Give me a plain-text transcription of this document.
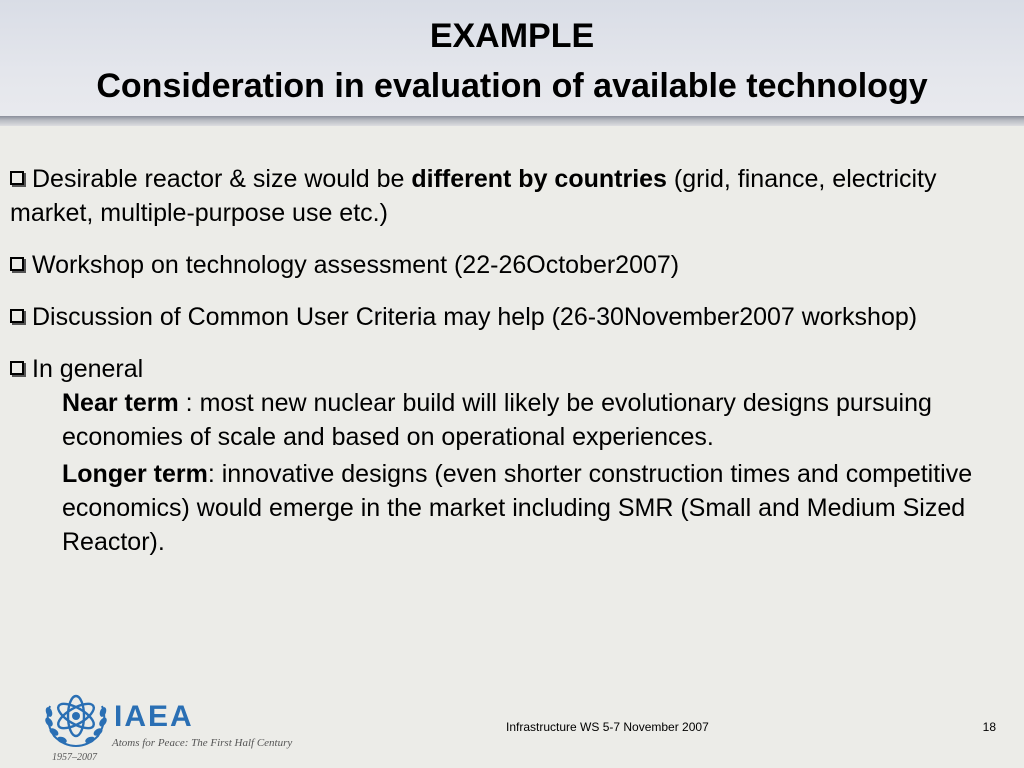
EXAMPLE
Consideration in evaluation of available technology
Desirable reactor & size would be different by countries (grid, finance, electricity market, multiple-purpose use etc.)
Workshop on technology assessment (22-26October2007)
Discussion of Common User Criteria may help (26-30November2007 workshop)
In general

Near term : most new nuclear build will likely be evolutionary designs pursuing economies of scale and based on operational experiences.

Longer term: innovative designs (even shorter construction times and competitive economics) would emerge in the market including SMR (Small and Medium Sized Reactor).

IAEA
Atoms for Peace: The First Half Century
1957–2007
Infrastructure WS 5-7 November 2007	18
